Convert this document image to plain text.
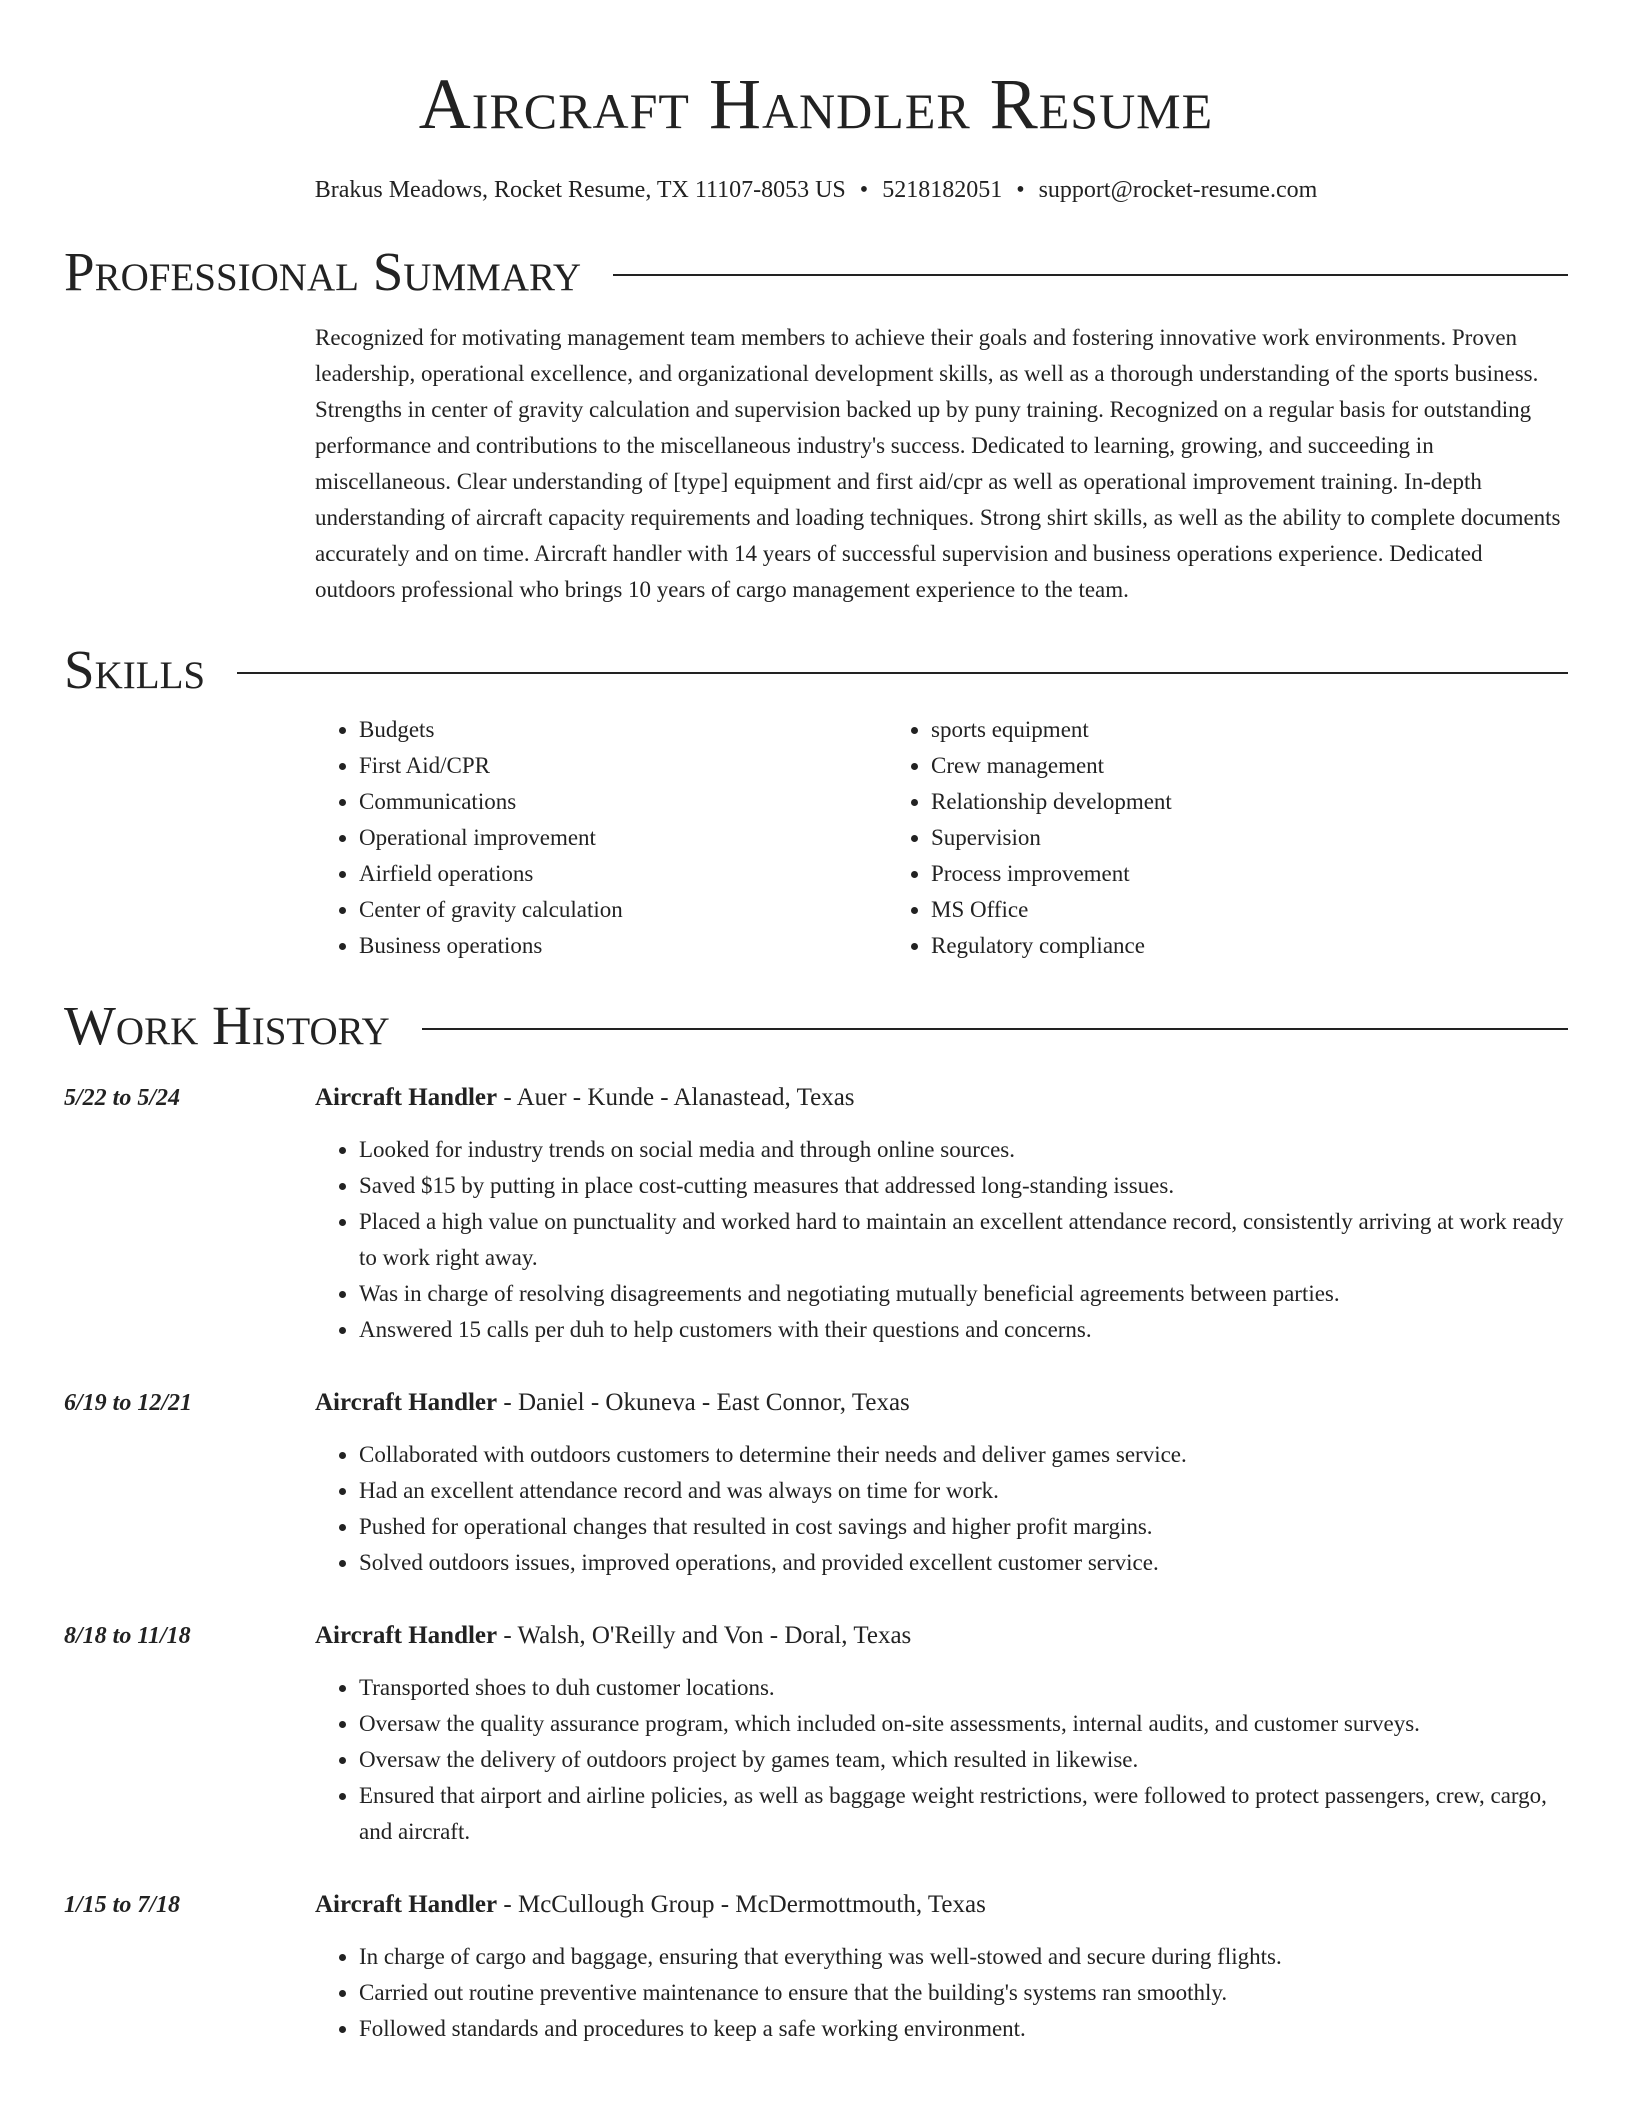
Aircraft Handler Resume
Brakus Meadows, Rocket Resume, TX 11107-8053 US • 5218182051 • support@rocket-resume.com
Professional Summary
Recognized for motivating management team members to achieve their goals and fostering innovative work environments. Proven leadership, operational excellence, and organizational development skills, as well as a thorough understanding of the sports business. Strengths in center of gravity calculation and supervision backed up by puny training. Recognized on a regular basis for outstanding performance and contributions to the miscellaneous industry's success. Dedicated to learning, growing, and succeeding in miscellaneous. Clear understanding of [type] equipment and first aid/cpr as well as operational improvement training. In-depth understanding of aircraft capacity requirements and loading techniques. Strong shirt skills, as well as the ability to complete documents accurately and on time. Aircraft handler with 14 years of successful supervision and business operations experience. Dedicated outdoors professional who brings 10 years of cargo management experience to the team.
Skills
• Budgets
• First Aid/CPR
• Communications
• Operational improvement
• Airfield operations
• Center of gravity calculation
• Business operations
• sports equipment
• Crew management
• Relationship development
• Supervision
• Process improvement
• MS Office
• Regulatory compliance
Work History
5/22 to 5/24	Aircraft Handler - Auer - Kunde - Alanastead, Texas
• Looked for industry trends on social media and through online sources.
• Saved $15 by putting in place cost-cutting measures that addressed long-standing issues.
• Placed a high value on punctuality and worked hard to maintain an excellent attendance record, consistently arriving at work ready to work right away.
• Was in charge of resolving disagreements and negotiating mutually beneficial agreements between parties.
• Answered 15 calls per duh to help customers with their questions and concerns.
6/19 to 12/21	Aircraft Handler - Daniel - Okuneva - East Connor, Texas
• Collaborated with outdoors customers to determine their needs and deliver games service.
• Had an excellent attendance record and was always on time for work.
• Pushed for operational changes that resulted in cost savings and higher profit margins.
• Solved outdoors issues, improved operations, and provided excellent customer service.
8/18 to 11/18	Aircraft Handler - Walsh, O'Reilly and Von - Doral, Texas
• Transported shoes to duh customer locations.
• Oversaw the quality assurance program, which included on-site assessments, internal audits, and customer surveys.
• Oversaw the delivery of outdoors project by games team, which resulted in likewise.
• Ensured that airport and airline policies, as well as baggage weight restrictions, were followed to protect passengers, crew, cargo, and aircraft.
1/15 to 7/18	Aircraft Handler - McCullough Group - McDermottmouth, Texas
• In charge of cargo and baggage, ensuring that everything was well-stowed and secure during flights.
• Carried out routine preventive maintenance to ensure that the building's systems ran smoothly.
• Followed standards and procedures to keep a safe working environment.
